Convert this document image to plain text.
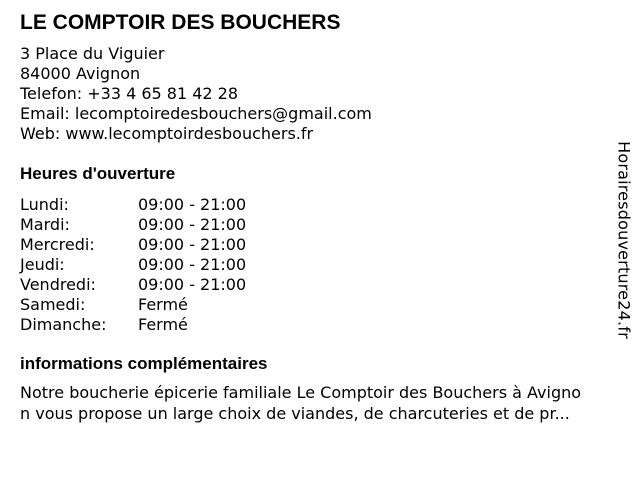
LE COMPTOIR DES BOUCHERS
3 Place du Viguier
84000 Avignon
Telefon: +33 4 65 81 42 28
Email: lecomptoiredesbouchers@gmail.com
Web: www.lecomptoirdesbouchers.fr
Heures d'ouverture
Lundi:	09:00 - 21:00
Mardi:	09:00 - 21:00
Mercredi:	09:00 - 21:00
Jeudi:	09:00 - 21:00
Vendredi:	09:00 - 21:00
Samedi:	Fermé
Dimanche: Fermé
informations complémentaires
Notre boucherie épicerie familiale Le Comptoir des Bouchers à Avigno
n vous propose un large choix de viandes, de charcuteries et de pr...
Horairesdouverture24.fr
